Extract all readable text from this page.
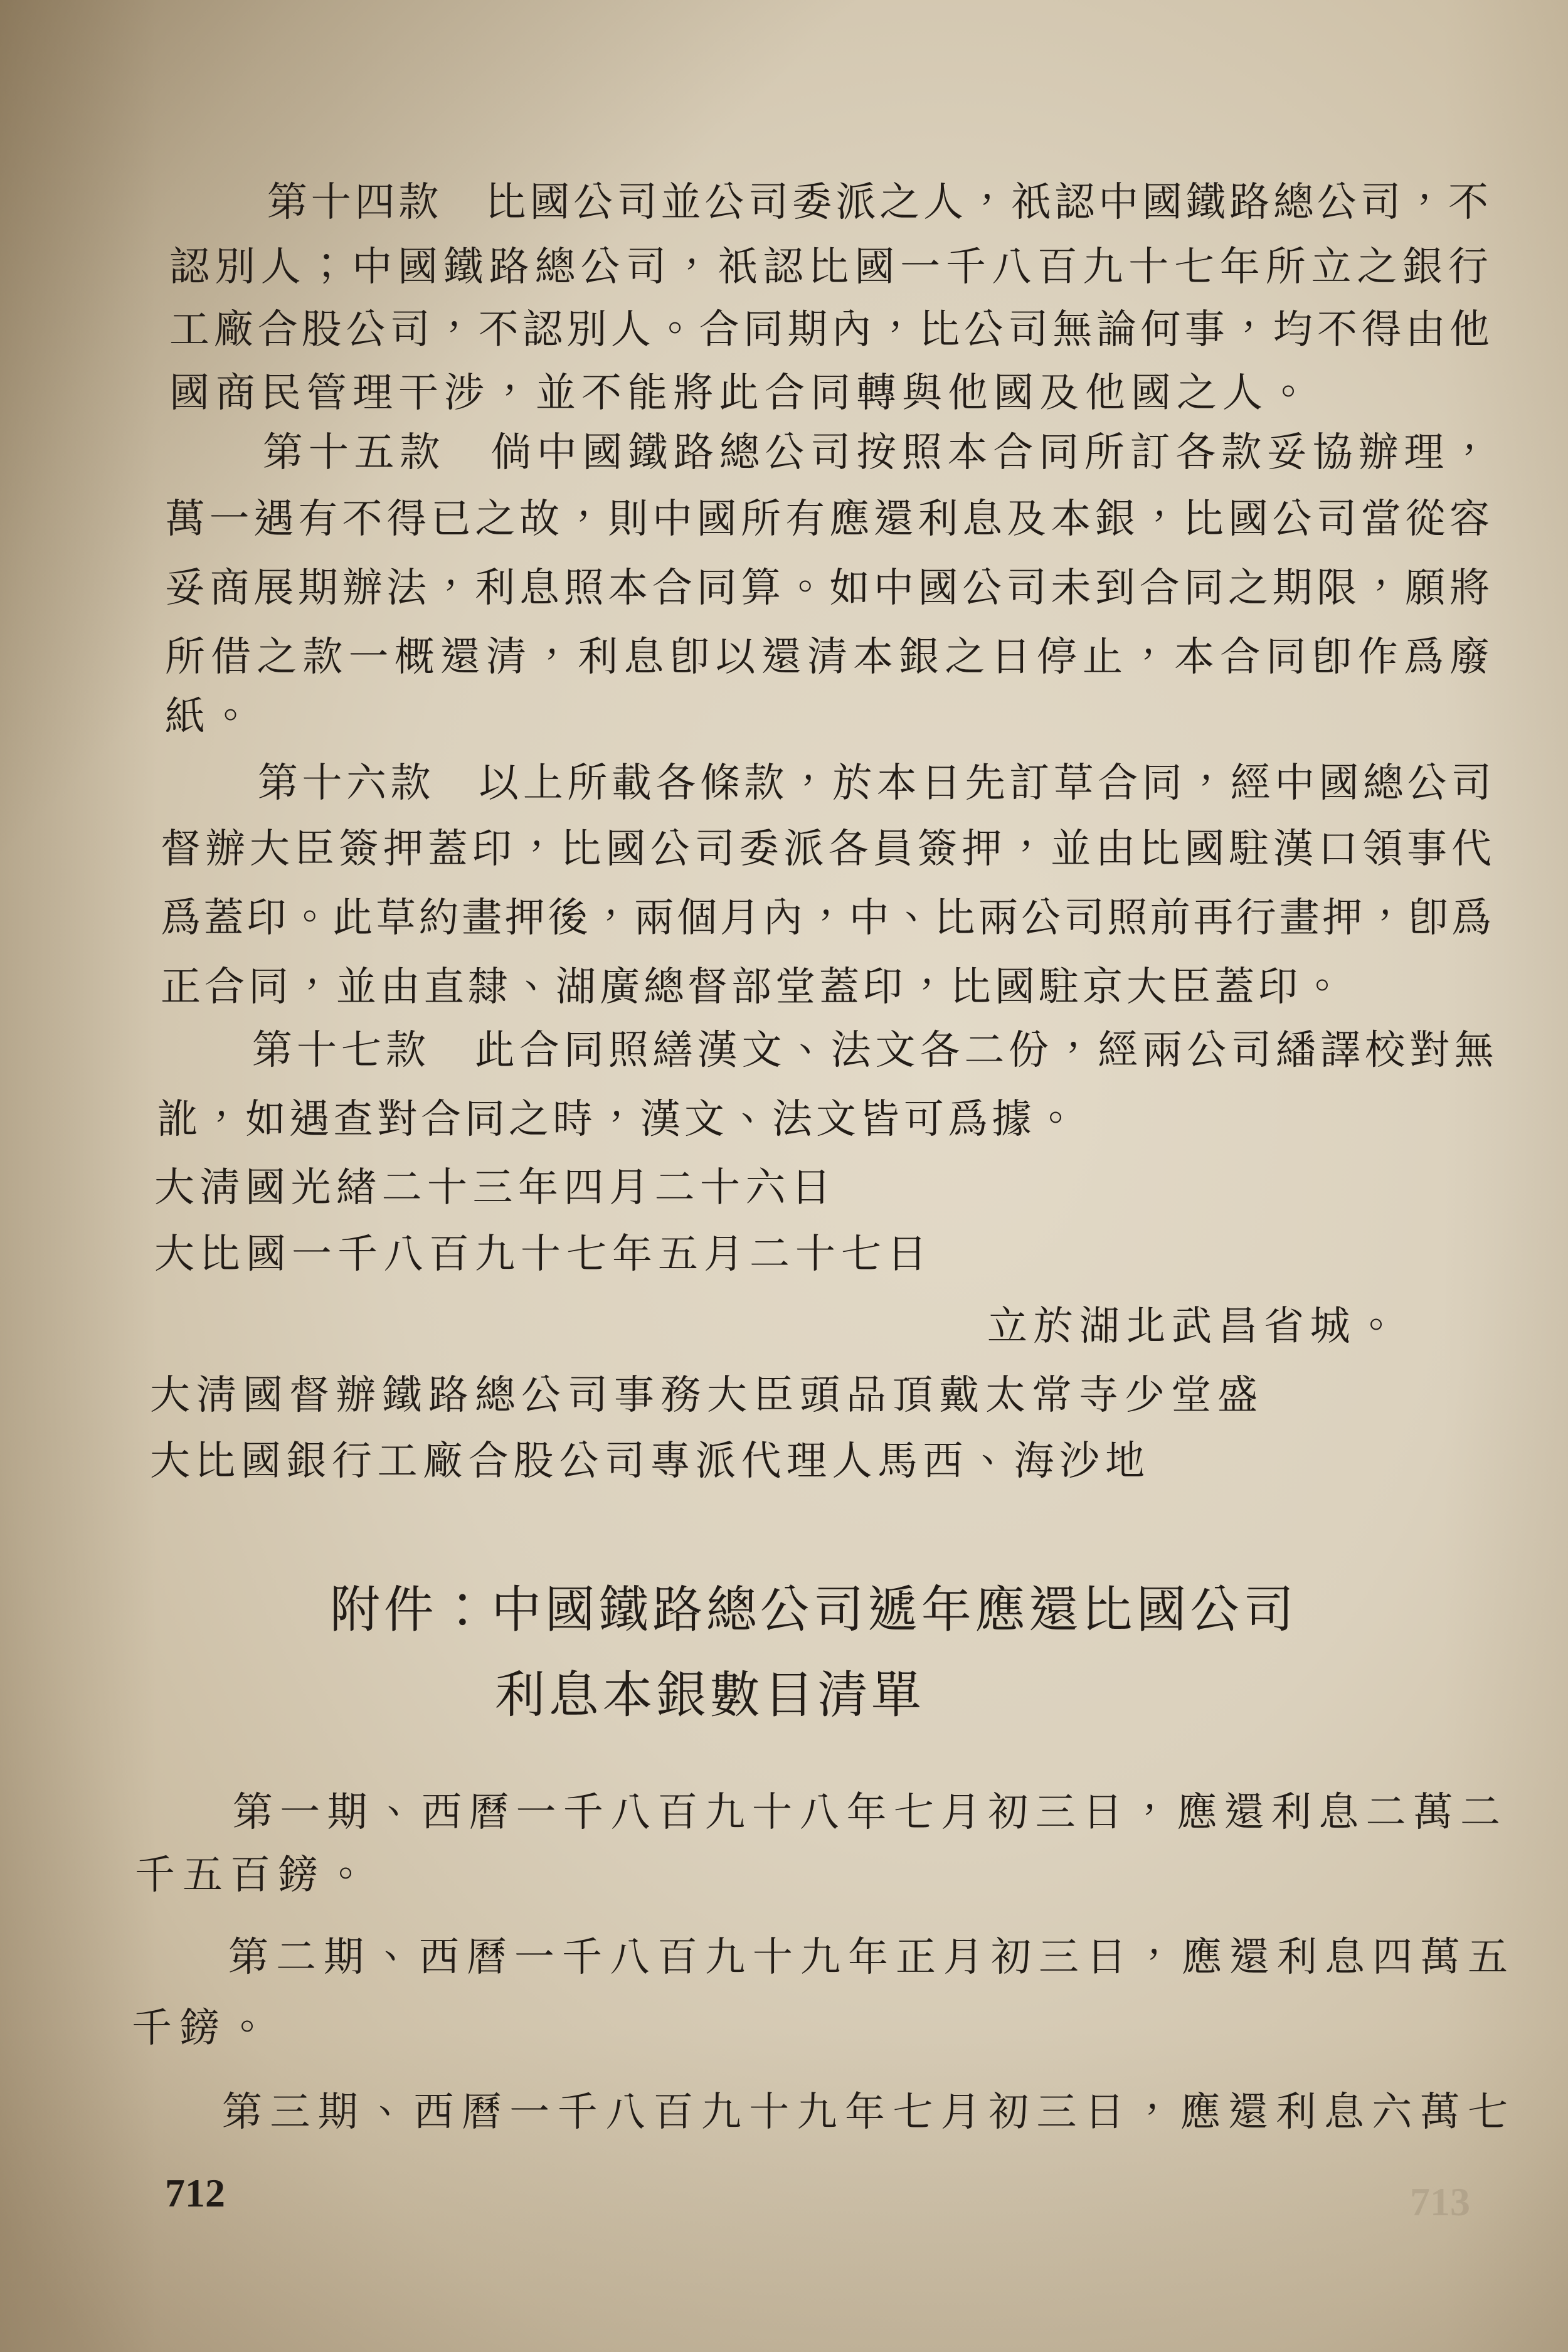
第十四款　比國公司並公司委派之人，祇認中國鐵路總公司，不
認別人；中國鐵路總公司，祇認比國一千八百九十七年所立之銀行
工廠合股公司，不認別人。合同期內，比公司無論何事，均不得由他
國商民管理干涉，並不能將此合同轉與他國及他國之人。
第十五款　倘中國鐵路總公司按照本合同所訂各款妥協辦理，
萬一遇有不得已之故，則中國所有應還利息及本銀，比國公司當從容
妥商展期辦法，利息照本合同算。如中國公司未到合同之期限，願將
所借之款一概還清，利息卽以還清本銀之日停止，本合同卽作爲廢
紙。
第十六款　以上所載各條款，於本日先訂草合同，經中國總公司
督辦大臣簽押蓋印，比國公司委派各員簽押，並由比國駐漢口領事代
爲蓋印。此草約畫押後，兩個月內，中、比兩公司照前再行畫押，卽爲
正合同，並由直隸、湖廣總督部堂蓋印，比國駐京大臣蓋印。
第十七款　此合同照繕漢文、法文各二份，經兩公司繙譯校對無
訛，如遇查對合同之時，漢文、法文皆可爲據。
大淸國光緖二十三年四月二十六日
大比國一千八百九十七年五月二十七日
立於湖北武昌省城。
大淸國督辦鐵路總公司事務大臣頭品頂戴太常寺少堂盛
大比國銀行工廠合股公司專派代理人馬西、海沙地
附件：中國鐵路總公司遞年應還比國公司
利息本銀數目清單
第一期、西曆一千八百九十八年七月初三日，應還利息二萬二
千五百鎊。
第二期、西曆一千八百九十九年正月初三日，應還利息四萬五
千鎊。
第三期、西曆一千八百九十九年七月初三日，應還利息六萬七
712	713
